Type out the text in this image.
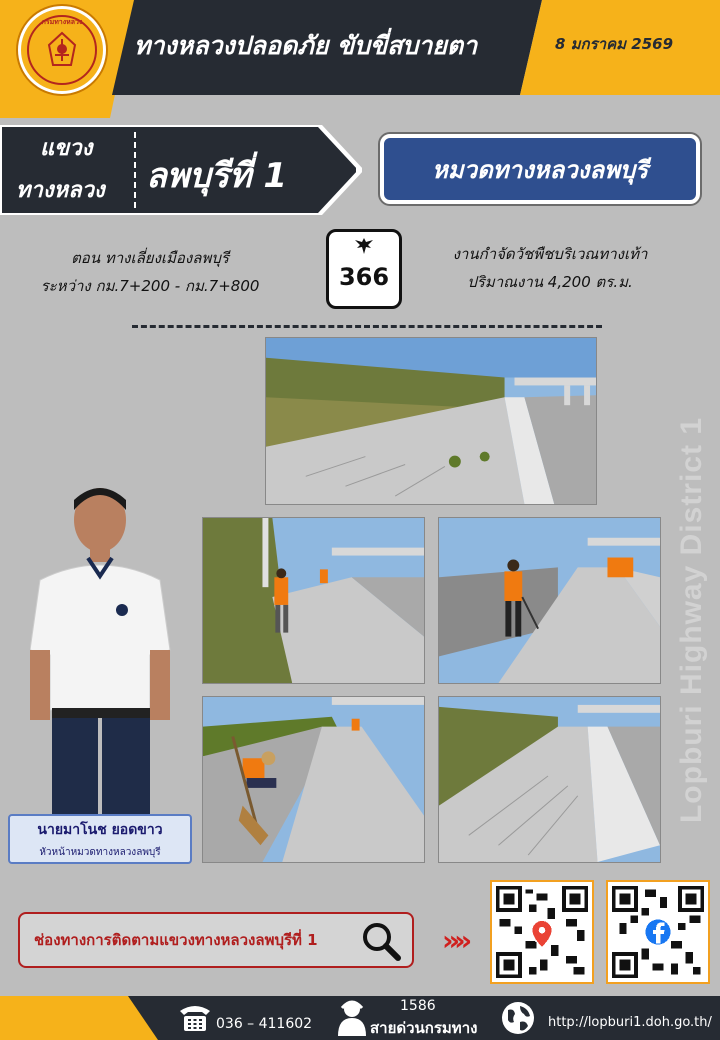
กรมทางหลวง
ทางหลวงปลอดภัย ขับขี่สบายตา	8 มกราคม 2569
แขวง
ทางหลวง ลพบุรีที่ 1	หมวดทางหลวงลพบุรี
ตอน ทางเลี่ยงเมืองลพบุรี
ระหว่าง กม.7+200 - กม.7+800	366
งานกำจัดวัชพืชบริเวณทางเท้า
ปริมาณงาน 4,200 ตร.ม.
Lopburi Highway District 1
นายมาโนช ยอดขาว
หัวหน้าหมวดทางหลวงลพบุรี
ช่องทางการติดตามแขวงทางหลวงลพบุรีที่ 1	»»
036 – 411602
1586
สายด่วนกรมทาง	http://lopburi1.doh.go.th/
